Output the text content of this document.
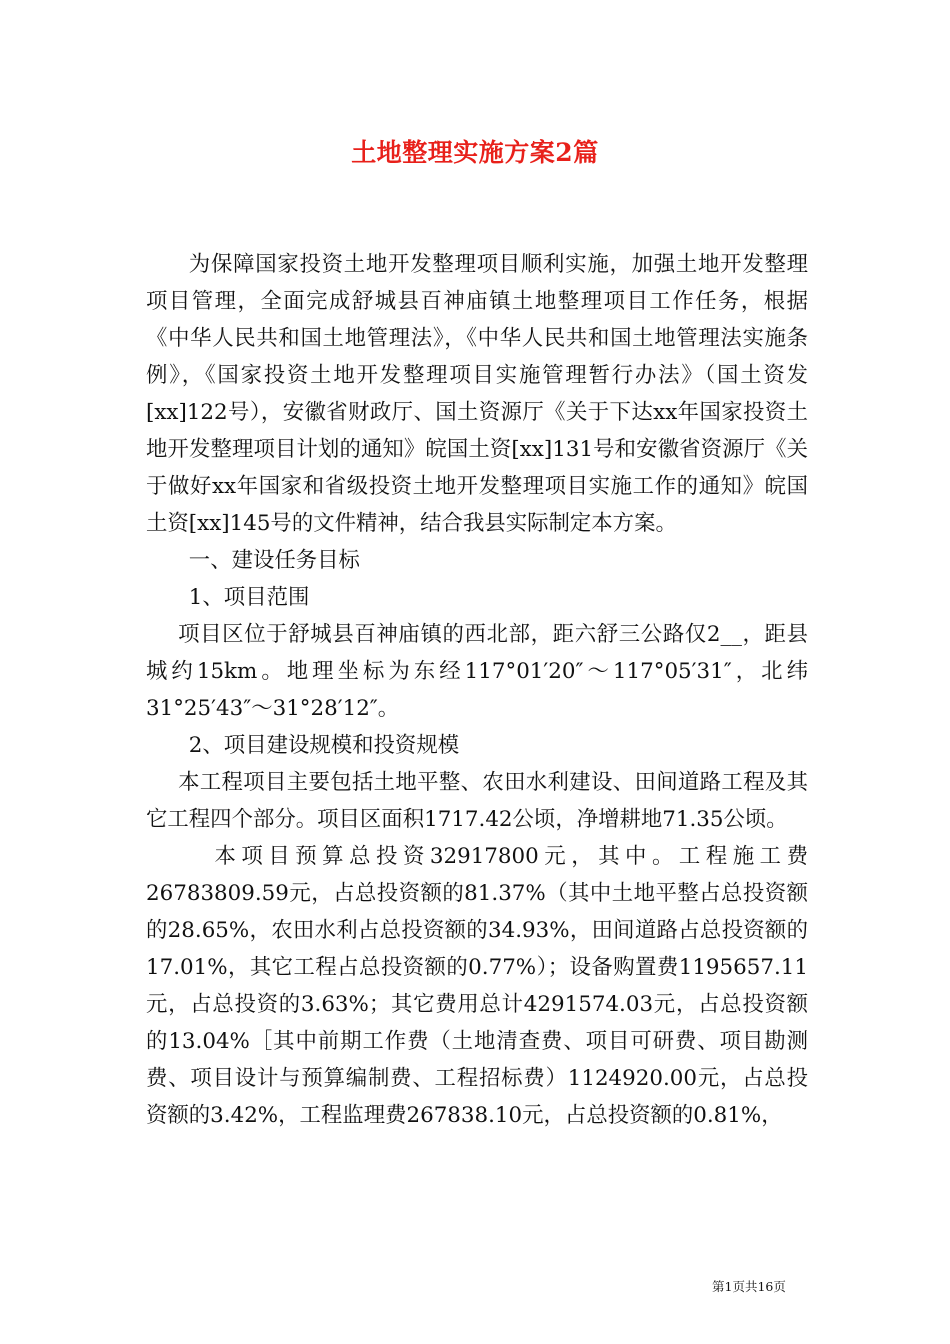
土地整理实施方案2篇

为保障国家投资土地开发整理项目顺利实施，加强土地开发整理项目管理，全面完成舒城县百神庙镇土地整理项目工作任务，根据《中华人民共和国土地管理法》，《中华人民共和国土地管理法实施条例》，《国家投资土地开发整理项目实施管理暂行办法》（国土资发[xx]122号），安徽省财政厅、国土资源厅《关于下达xx年国家投资土地开发整理项目计划的通知》皖国土资[xx]131号和安徽省资源厅《关于做好xx年国家和省级投资土地开发整理项目实施工作的通知》皖国土资[xx]145号的文件精神，结合我县实际制定本方案。

一、建设任务目标

1、项目范围

项目区位于舒城县百神庙镇的西北部，距六舒三公路仅2__，距县城约15km。地理坐标为东经117°01′20″～117°05′31″，北纬31°25′43″～31°28′12″。

2、项目建设规模和投资规模

本工程项目主要包括土地平整、农田水利建设、田间道路工程及其它工程四个部分。项目区面积1717.42公顷，净增耕地71.35公顷。

本项目预算总投资32917800元，其中。工程施工费26783809.59元，占总投资额的81.37%（其中土地平整占总投资额的28.65%，农田水利占总投资额的34.93%，田间道路占总投资额的17.01%，其它工程占总投资额的0.77%）；设备购置费1195657.11元，占总投资的3.63%；其它费用总计4291574.03元，占总投资额的13.04%［其中前期工作费（土地清查费、项目可研费、项目勘测费、项目设计与预算编制费、工程招标费）1124920.00元，占总投资额的3.42%，工程监理费267838.10元，占总投资额的0.81%，

第1页共16页
